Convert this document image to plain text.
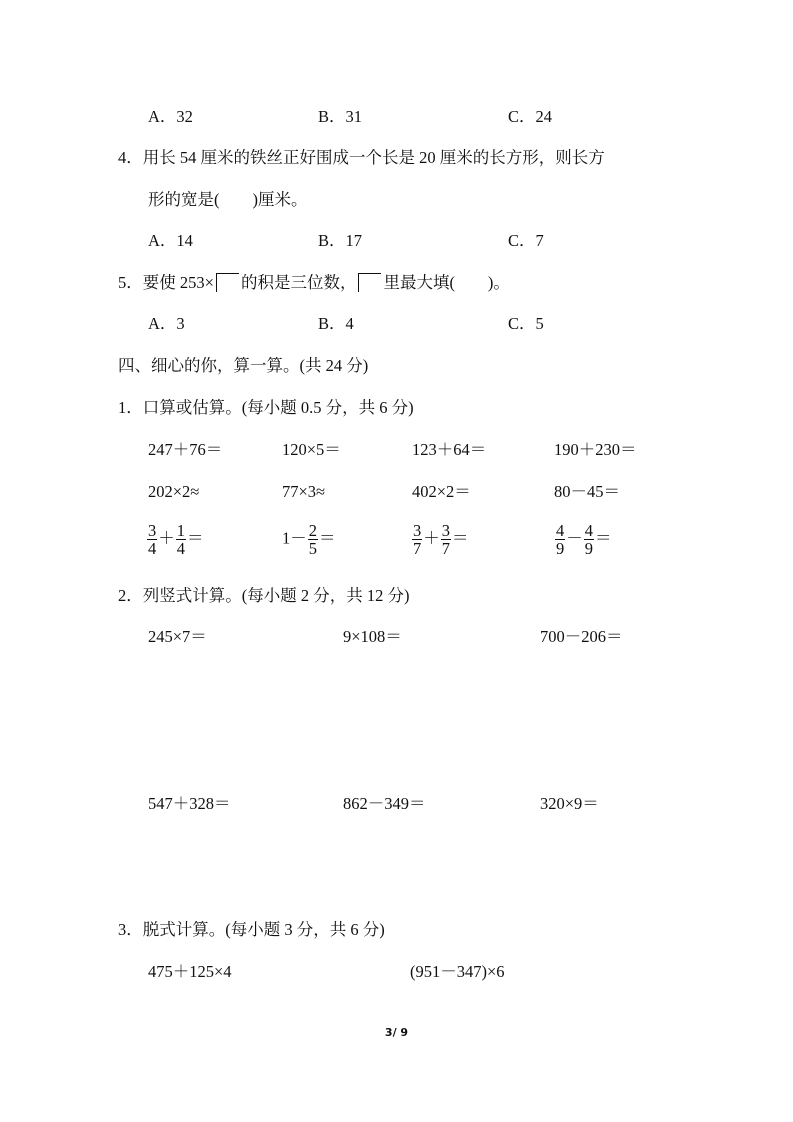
A．32	B．31	C．24
4．用长 54 厘米的铁丝正好围成一个长是 20 厘米的长方形，则长方
形的宽是(　　)厘米。
A．14	B．17	C．7
5．要使 253× 的积是三位数， 里最大填(　　)。
A．3	B．4	C．5
四、细心的你，算一算。(共 24 分)
1．口算或估算。(每小题 0.5 分，共 6 分)
247＋76＝	120×5＝	123＋64＝	190＋230＝
202×2≈	77×3≈	402×2＝	80－45＝
$\frac{3}{4} + \frac{1}{4}$ ＝	$1- \frac{2}{5}$ ＝	$\frac{3}{7} + \frac{3}{7}$ ＝	$\frac{4}{9} - \frac{4}{9}$ ＝
2．列竖式计算。(每小题 2 分，共 12 分)
245×7＝	9×108＝	700－206＝
547＋328＝	862－349＝	320×9＝
3．脱式计算。(每小题 3 分，共 6 分)
475＋125×4	(951－347)×6
3/ 9
